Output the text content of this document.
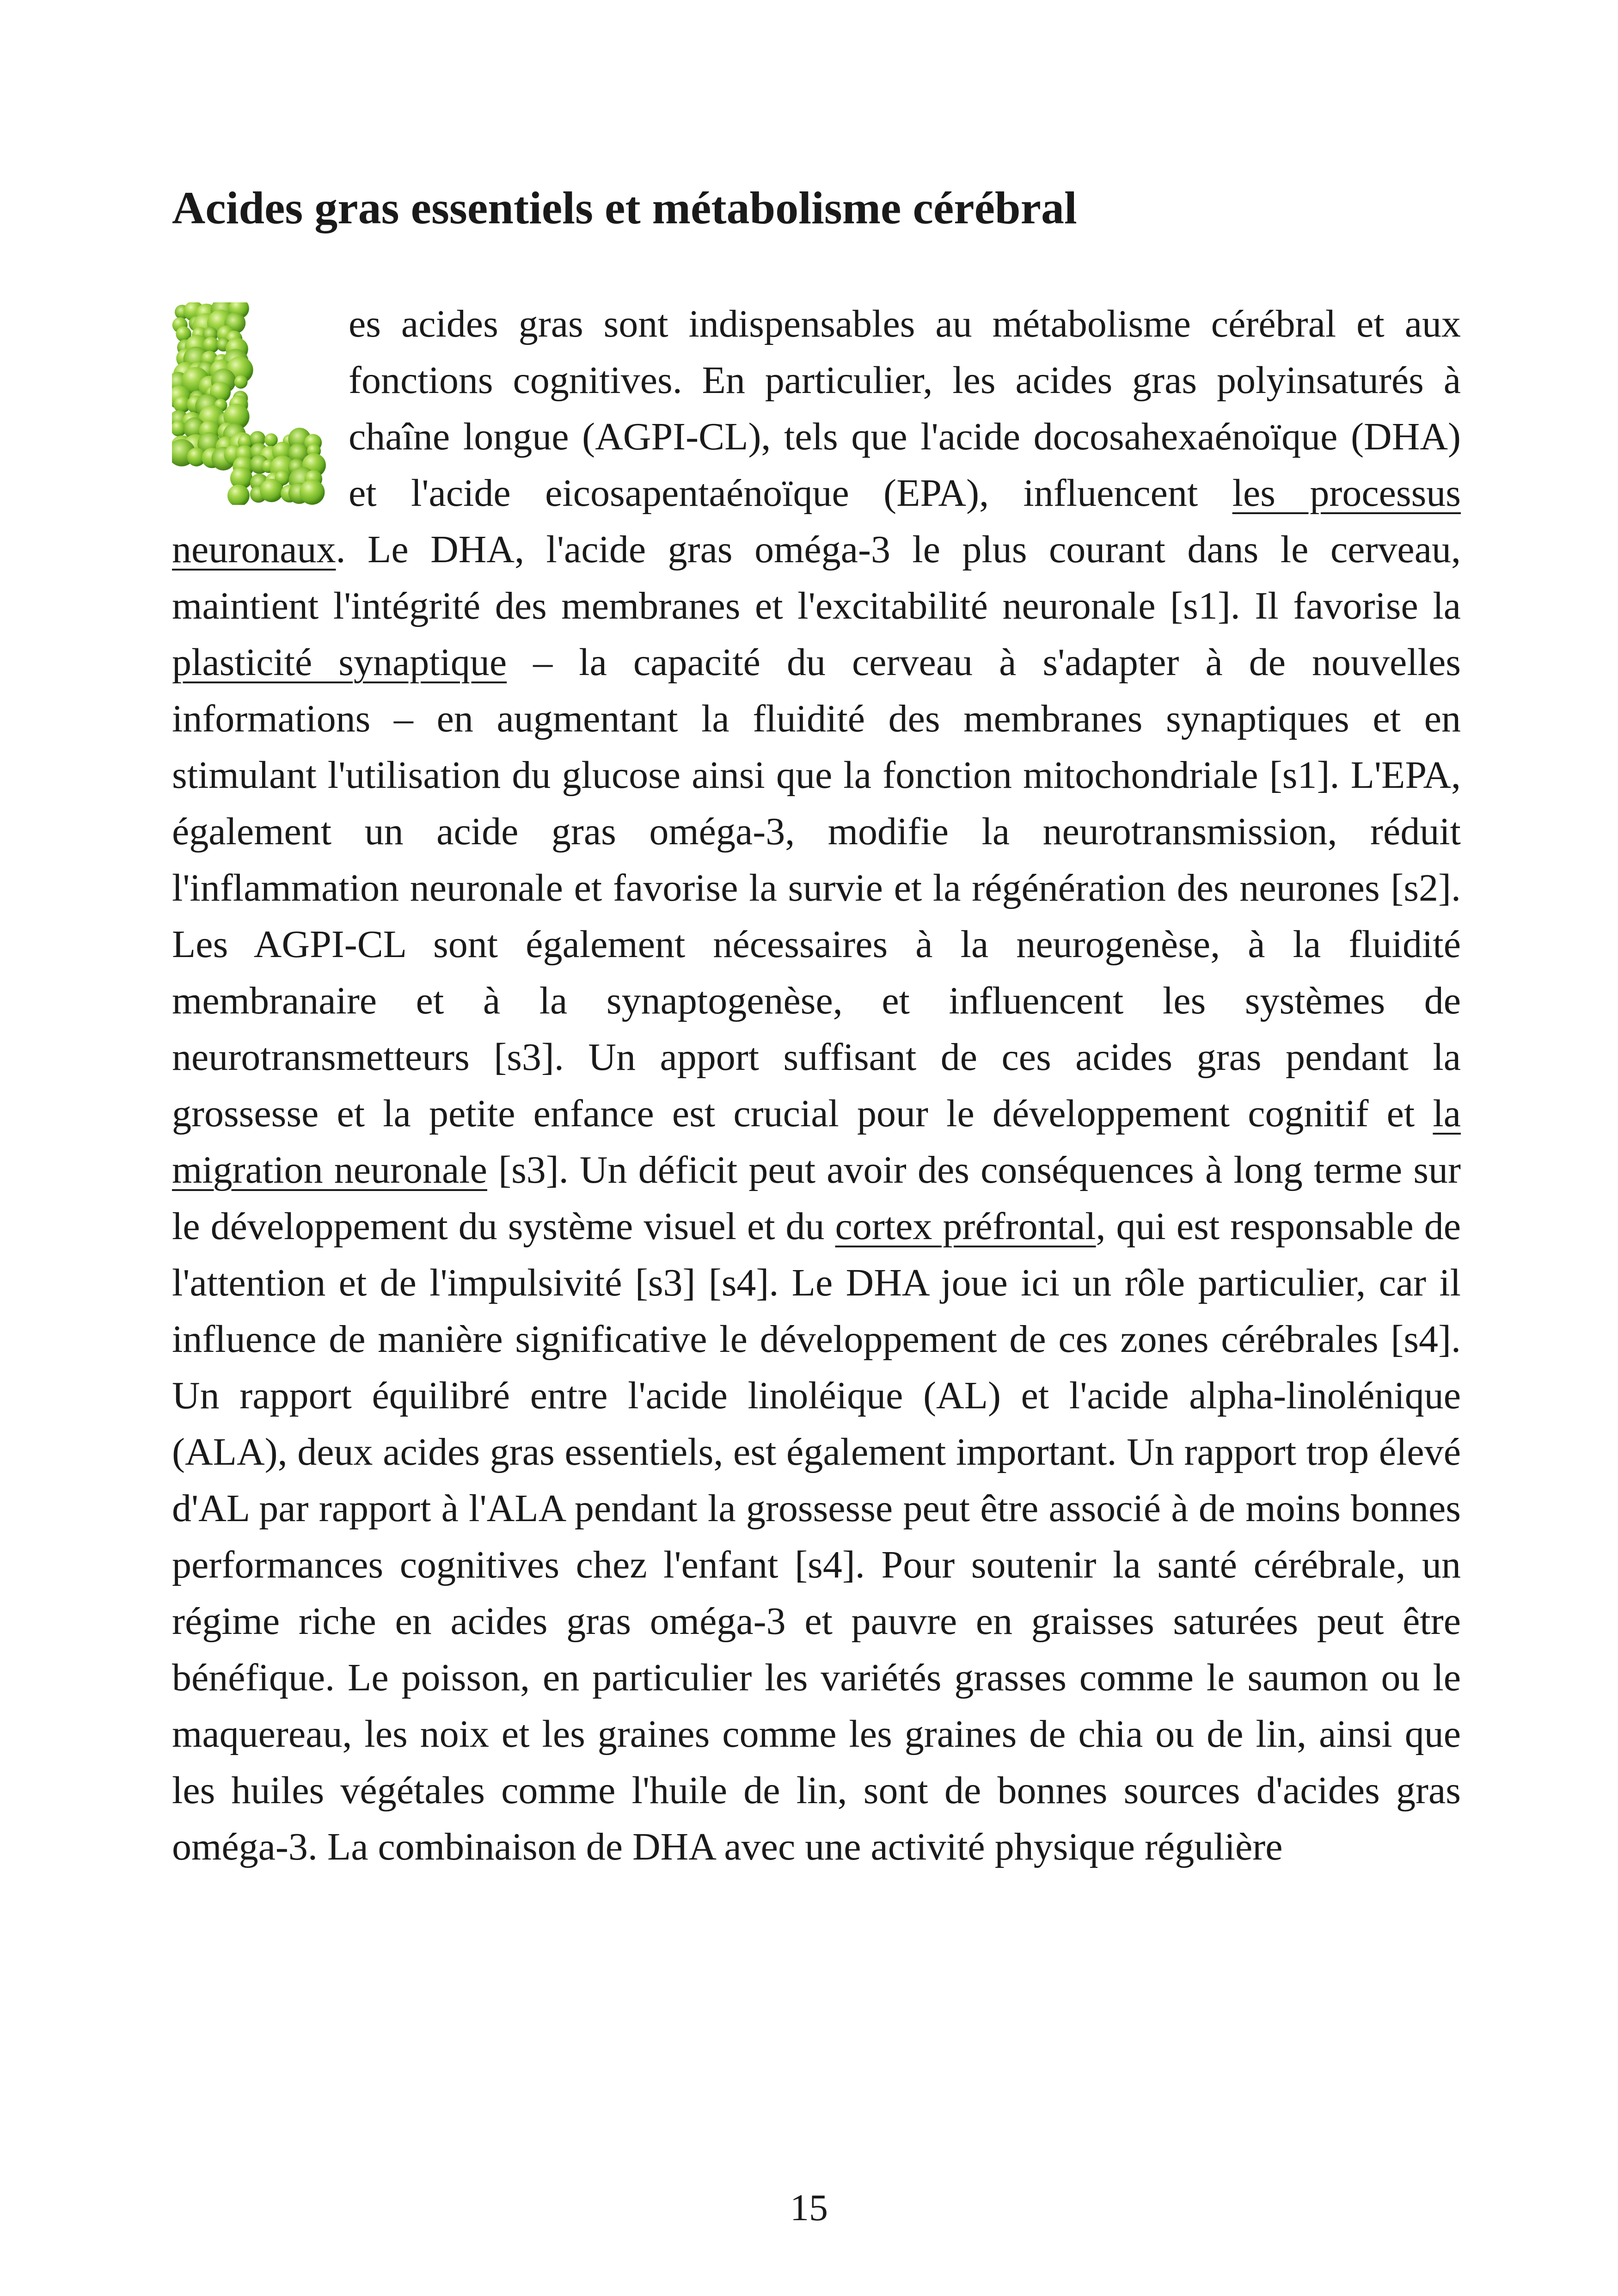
Acides gras essentiels et métabolisme cérébral
es acides gras sont indispensables au métabolisme cérébral et aux fonctions cognitives. En particulier, les acides gras polyinsaturés à chaîne longue (AGPI-CL), tels que l'acide docosahexaénoïque (DHA) et l'acide eicosapentaénoïque (EPA), influencent les processus neuronaux. Le DHA, l'acide gras oméga-3 le plus courant dans le cerveau, maintient l'intégrité des membranes et l'excitabilité neuronale [s1]. Il favorise la plasticité synaptique – la capacité du cerveau à s'adapter à de nouvelles informations – en augmentant la fluidité des membranes synaptiques et en stimulant l'utilisation du glucose ainsi que la fonction mitochondriale [s1]. L'EPA, également un acide gras oméga-3, modifie la neurotransmission, réduit l'inflammation neuronale et favorise la survie et la régénération des neurones [s2]. Les AGPI-CL sont également nécessaires à la neurogenèse, à la fluidité membranaire et à la synaptogenèse, et influencent les systèmes de neurotransmetteurs [s3]. Un apport suffisant de ces acides gras pendant la grossesse et la petite enfance est crucial pour le développement cognitif et la migration neuronale [s3]. Un déficit peut avoir des conséquences à long terme sur le développement du système visuel et du cortex préfrontal, qui est responsable de l'attention et de l'impulsivité [s3] [s4]. Le DHA joue ici un rôle particulier, car il influence de manière significative le développement de ces zones cérébrales [s4]. Un rapport équilibré entre l'acide linoléique (AL) et l'acide alpha-linolénique (ALA), deux acides gras essentiels, est également important. Un rapport trop élevé d'AL par rapport à l'ALA pendant la grossesse peut être associé à de moins bonnes performances cognitives chez l'enfant [s4]. Pour soutenir la santé cérébrale, un régime riche en acides gras oméga-3 et pauvre en graisses saturées peut être bénéfique. Le poisson, en particulier les variétés grasses comme le saumon ou le maquereau, les noix et les graines comme les graines de chia ou de lin, ainsi que les huiles végétales comme l'huile de lin, sont de bonnes sources d'acides gras oméga-3. La combinaison de DHA avec une activité physique régulière
15
